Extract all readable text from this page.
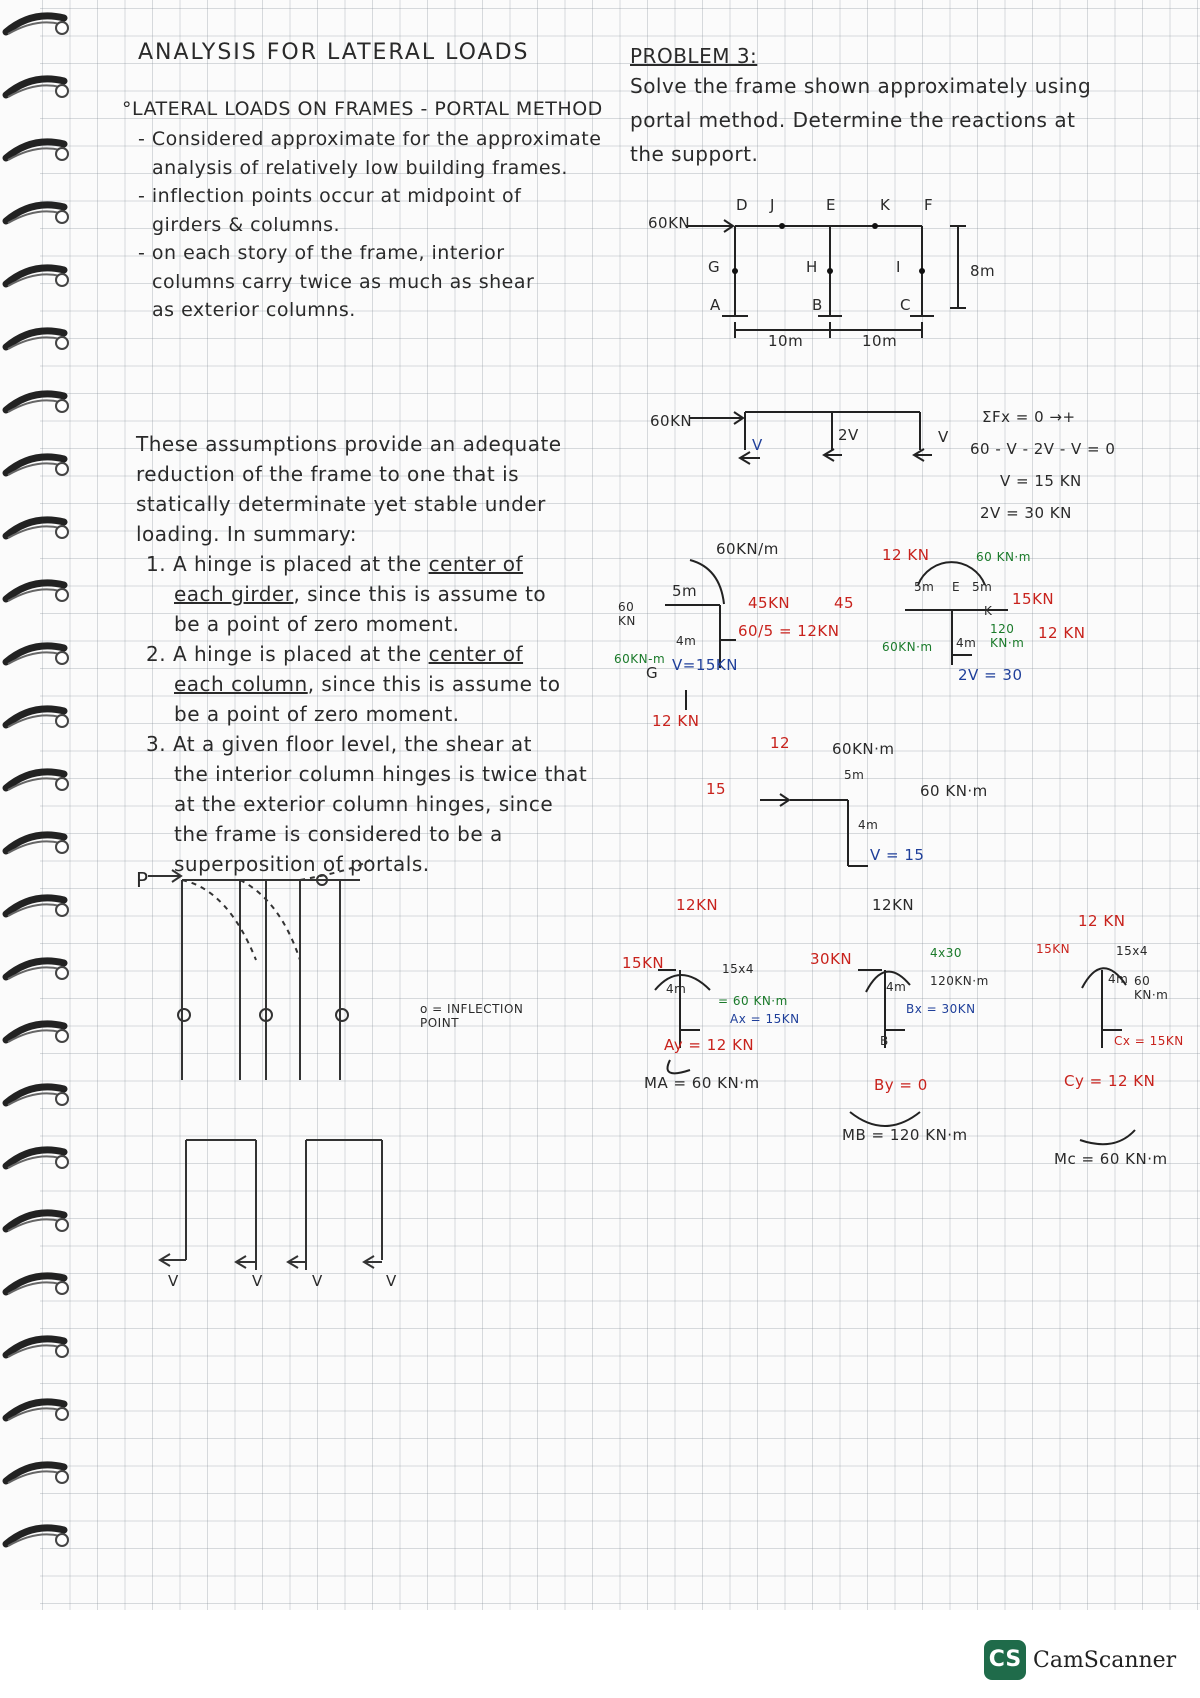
ANALYSIS FOR LATERAL LOADS
°LATERAL LOADS ON FRAMES - PORTAL METHOD
- Considered approximate for the approximate
analysis of relatively low building frames.
- inflection points occur at midpoint of
girders & columns.
- on each story of the frame, interior
columns carry twice as much as shear
as exterior columns.
These assumptions provide an adequate
reduction of the frame to one that is
statically determinate yet stable under
loading. In summary:
1. A hinge is placed at the center of
each girder, since this is assume to
be a point of zero moment.
2. A hinge is placed at the center of
each column, since this is assume to
be a point of zero moment.
3. At a given floor level, the shear at
the interior column hinges is twice that
at the exterior column hinges, since
the frame is considered to be a
superposition of portals.
P
o = INFLECTION POINT
V	V	V	V
PROBLEM 3:
Solve the frame shown approximately using
portal method. Determine the reactions at
the support.
60KN
D J	E	K F
G	H	I
A	B	C
8m
10m	10m
60KN
V
2V	V
ΣFx = 0 →+
60 - V - 2V - V = 0
V = 15 KN
2V = 30 KN
60KN/m
5m
60 KN
4m
45KN
60/5 = 12KN
60KN-m
G V=15KN
12 KN
45
12 KN	60 KN·m
5m	5m
E
15KN
K
120 KN·m
60KN·m 4m
12 KN
2V = 30
15
12	60KN·m
5m
60 KN·m
4m
V = 15
12KN
12KN
15KN	15x4
= 60 KN·m
4m
Ax = 15KN
Ay = 12 KN
MA = 60 KN·m
30KN	4x30
120KN·m
4m
Bx = 30KN
B
By = 0
MB = 120 KN·m
12 KN
15KN	15x4
60 KN·m
4m
Cx = 15KN
Cy = 12 KN
Mc = 60 KN·m
CS CamScanner
